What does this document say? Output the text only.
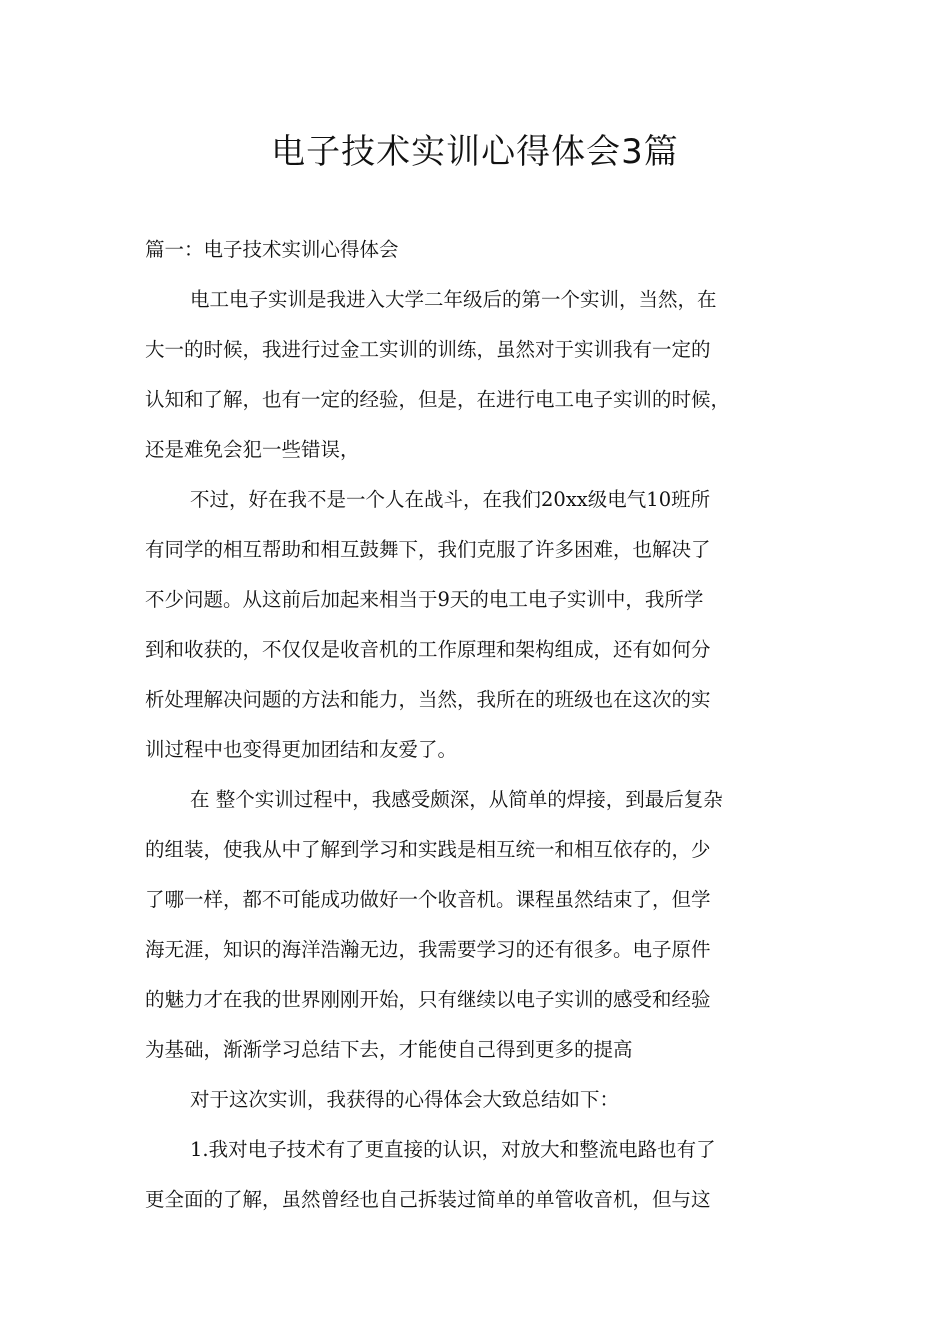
电子技术实训心得体会3篇

篇一：电子技术实训心得体会

电工电子实训是我进入大学二年级后的第一个实训，当然，在

大一的时候，我进行过金工实训的训练，虽然对于实训我有一定的

认知和了解，也有一定的经验，但是，在进行电工电子实训的时候，

还是难免会犯一些错误，

不过，好在我不是一个人在战斗，在我们20xx级电气10班所

有同学的相互帮助和相互鼓舞下，我们克服了许多困难，也解决了

不少问题。从这前后加起来相当于9天的电工电子实训中，我所学

到和收获的，不仅仅是收音机的工作原理和架构组成，还有如何分

析处理解决问题的方法和能力，当然，我所在的班级也在这次的实

训过程中也变得更加团结和友爱了。

在 整个实训过程中，我感受颇深，从简单的焊接，到最后复杂

的组装，使我从中了解到学习和实践是相互统一和相互依存的，少

了哪一样，都不可能成功做好一个收音机。课程虽然结束了，但学

海无涯，知识的海洋浩瀚无边，我需要学习的还有很多。电子原件

的魅力才在我的世界刚刚开始，只有继续以电子实训的感受和经验

为基础，渐渐学习总结下去，才能使自己得到更多的提高

对于这次实训，我获得的心得体会大致总结如下：

1.我对电子技术有了更直接的认识，对放大和整流电路也有了

更全面的了解，虽然曾经也自己拆装过简单的单管收音机，但与这
